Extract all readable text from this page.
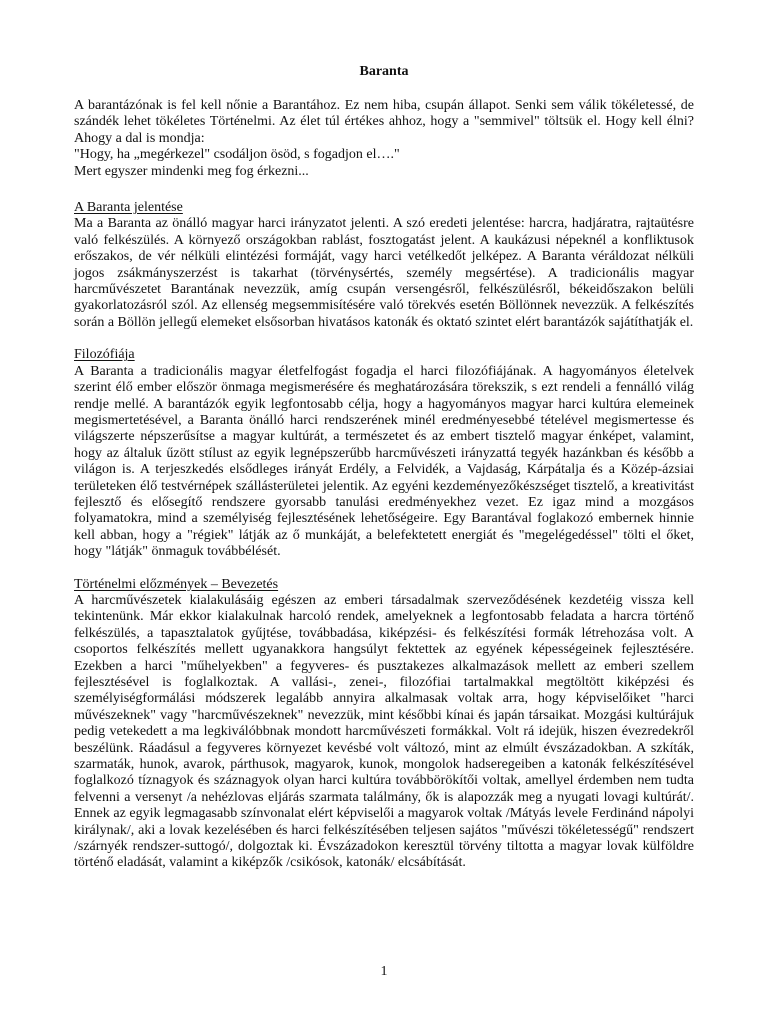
Baranta

A barantázónak is fel kell nőnie a Barantához. Ez nem hiba, csupán állapot. Senki sem válik tökéletessé, de szándék lehet tökéletes Történelmi. Az élet túl értékes ahhoz, hogy a "semmivel" töltsük el. Hogy kell élni? Ahogy a dal is mondja:

"Hogy, ha „megérkezel" csodáljon ösöd, s fogadjon el…."

Mert egyszer mindenki meg fog érkezni...

A Baranta jelentése

Ma a Baranta az önálló magyar harci irányzatot jelenti. A szó eredeti jelentése: harcra, hadjáratra, rajtaütésre való felkészülés. A környező országokban rablást, fosztogatást jelent. A kaukázusi népeknél a konfliktusok erőszakos, de vér nélküli elintézési formáját, vagy harci vetélkedőt jelképez. A Baranta véráldozat nélküli jogos zsákmányszerzést is takarhat (törvénysértés, személy megsértése). A tradicionális magyar harcművészetet Barantának nevezzük, amíg csupán versengésről, felkészülésről, békeidőszakon belüli gyakorlatozásról szól. Az ellenség megsemmisítésére való törekvés esetén Böllönnek nevezzük. A felkészítés során a Böllön jellegű elemeket elsősorban hivatásos katonák és oktató szintet elért barantázók sajátíthatják el.

Filozófiája

A Baranta a tradicionális magyar életfelfogást fogadja el harci filozófiájának. A hagyományos életelvek szerint élő ember először önmaga megismerésére és meghatározására törekszik, s ezt rendeli a fennálló világ rendje mellé. A barantázók egyik legfontosabb célja, hogy a hagyományos magyar harci kultúra elemeinek megismertetésével, a Baranta önálló harci rendszerének minél eredményesebbé tételével megismertesse és világszerte népszerűsítse a magyar kultúrát, a természetet és az embert tisztelő magyar énképet, valamint, hogy az általuk űzött stílust az egyik legnépszerűbb harcművészeti irányzattá tegyék hazánkban és később a világon is. A terjeszkedés elsődleges irányát Erdély, a Felvidék, a Vajdaság, Kárpátalja és a Közép-ázsiai területeken élő testvérnépek szállásterületei jelentik. Az egyéni kezdeményezőkészséget tisztelő, a kreativitást fejlesztő és elősegítő rendszere gyorsabb tanulási eredményekhez vezet. Ez igaz mind a mozgásos folyamatokra, mind a személyiség fejlesztésének lehetőségeire. Egy Barantával foglakozó embernek hinnie kell abban, hogy a "régiek" látják az ő munkáját, a belefektetett energiát és "megelégedéssel" tölti el őket, hogy "látják" önmaguk továbbélését.

Történelmi előzmények – Bevezetés

A harcművészetek kialakulásáig egészen az emberi társadalmak szerveződésének kezdetéig vissza kell tekintenünk. Már ekkor kialakulnak harcoló rendek, amelyeknek a legfontosabb feladata a harcra történő felkészülés, a tapasztalatok gyűjtése, továbbadása, kiképzési- és felkészítési formák létrehozása volt. A csoportos felkészítés mellett ugyanakkora hangsúlyt fektettek az egyének képességeinek fejlesztésére. Ezekben a harci "műhelyekben" a fegyveres- és pusztakezes alkalmazások mellett az emberi szellem fejlesztésével is foglalkoztak. A vallási-, zenei-, filozófiai tartalmakkal megtöltött kiképzési és személyiségformálási módszerek legalább annyira alkalmasak voltak arra, hogy képviselőiket "harci művészeknek" vagy "harcművészeknek" nevezzük, mint későbbi kínai és japán társaikat. Mozgási kultúrájuk pedig vetekedett a ma legkiválóbbnak mondott harcművészeti formákkal. Volt rá idejük, hiszen évezredekről beszélünk. Ráadásul a fegyveres környezet kevésbé volt változó, mint az elmúlt évszázadokban. A szkíták, szarmaták, hunok, avarok, párthusok, magyarok, kunok, mongolok hadseregeiben a katonák felkészítésével foglalkozó tíznagyok és száznagyok olyan harci kultúra továbbörökítői voltak, amellyel érdemben nem tudta felvenni a versenyt /a nehézlovas eljárás szarmata találmány, ők is alapozzák meg a nyugati lovagi kultúrát/. Ennek az egyik legmagasabb színvonalat elért képviselői a magyarok voltak /Mátyás levele Ferdinánd nápolyi királynak/, aki a lovak kezelésében és harci felkészítésében teljesen sajátos "művészi tökéletességű" rendszert /szárnyék rendszer-suttogó/, dolgoztak ki. Évszázadokon keresztül törvény tiltotta a magyar lovak külföldre történő eladását, valamint a kiképzők /csikósok, katonák/ elcsábítását.

1
